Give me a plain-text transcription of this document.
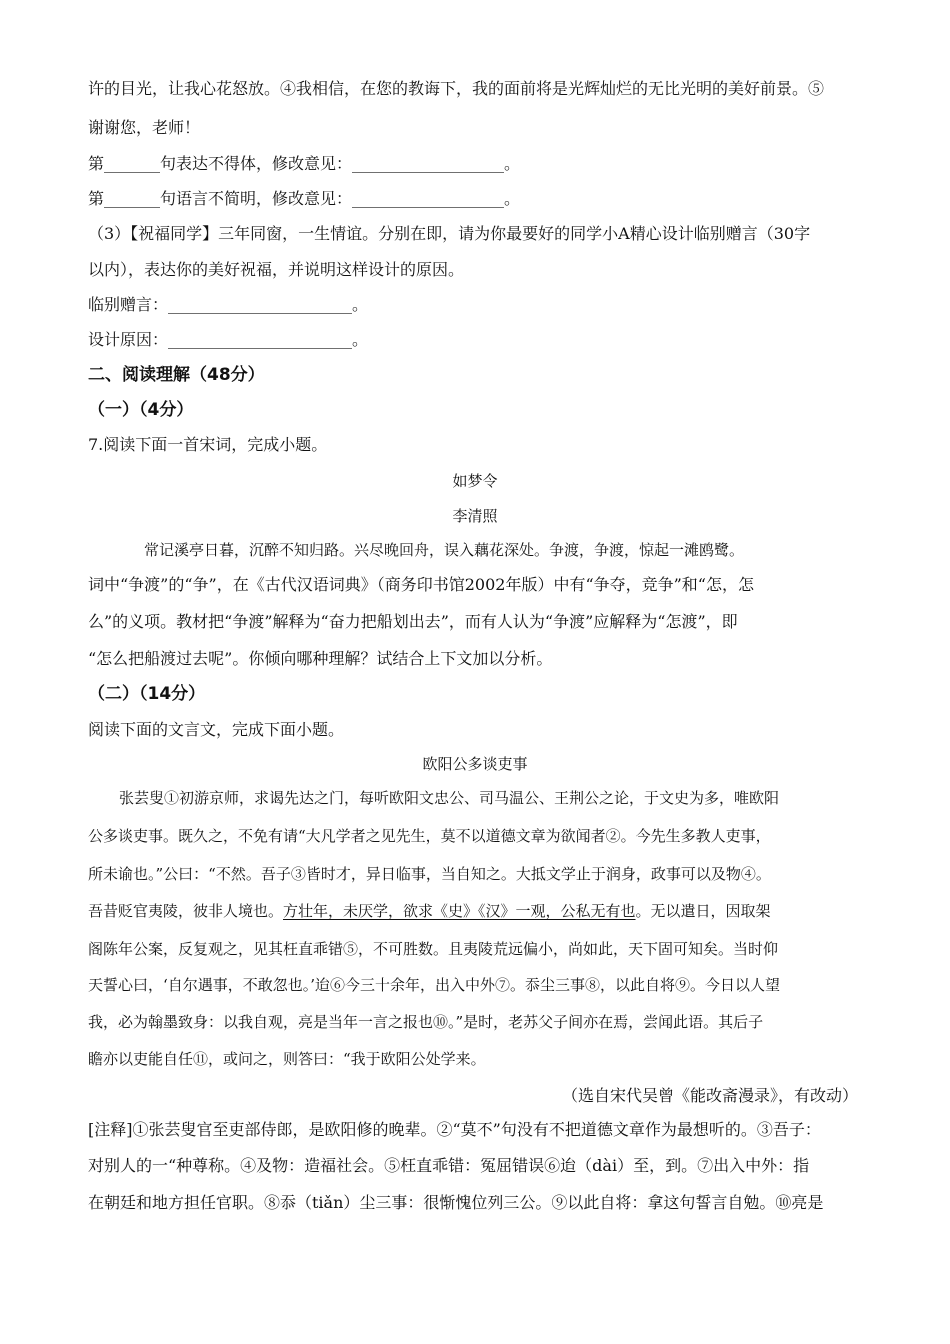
许的目光，让我心花怒放。④我相信，在您的教诲下，我的面前将是光辉灿烂的无比光明的美好前景。⑤
谢谢您，老师！
第_______句表达不得体，修改意见：___________________。
第_______句语言不简明，修改意见：___________________。
（3）【祝福同学】三年同窗，一生情谊。分别在即，请为你最要好的同学小A精心设计临别赠言（30字
以内），表达你的美好祝福，并说明这样设计的原因。
临别赠言：_______________________。
设计原因：_______________________。
二、阅读理解（48分）
（一）（4分）
7.阅读下面一首宋词，完成小题。
如梦令
李清照
常记溪亭日暮，沉醉不知归路。兴尽晚回舟，误入藕花深处。争渡，争渡，惊起一滩鸥鹭。
词中“争渡”的“争”，在《古代汉语词典》（商务印书馆2002年版）中有“争夺，竞争”和“怎，怎
么”的义项。教材把“争渡”解释为“奋力把船划出去”，而有人认为“争渡”应解释为“怎渡”，即
“怎么把船渡过去呢”。你倾向哪种理解？试结合上下文加以分析。
（二）（14分）
阅读下面的文言文，完成下面小题。
欧阳公多谈吏事
张芸叟①初游京师，求谒先达之门，每听欧阳文忠公、司马温公、王荆公之论，于文史为多，唯欧阳
公多谈吏事。既久之，不免有请“大凡学者之见先生，莫不以道德文章为欲闻者②。今先生多教人吏事，
所未谕也。”公曰：“不然。吾子③皆时才，异日临事，当自知之。大抵文学止于润身，政事可以及物④。
吾昔贬官夷陵，彼非人境也。方壮年，未厌学，欲求《史》《汉》一观，公私无有也。无以遣日，因取架
阁陈年公案，反复观之，见其枉直乖错⑤，不可胜数。且夷陵荒远偏小，尚如此，天下固可知矣。当时仰
天誓心曰，‘自尔遇事，不敢忽也。’迨⑥今三十余年，出入中外⑦。忝尘三事⑧，以此自将⑨。今日以人望
我，必为翰墨致身：以我自观，亮是当年一言之报也⑩。”是时，老苏父子间亦在焉，尝闻此语。其后子
瞻亦以吏能自任⑪，或问之，则答曰：“我于欧阳公处学来。
（选自宋代吴曾《能改斋漫录》，有改动）
[注释]①张芸叟官至吏部侍郎，是欧阳修的晚辈。②“莫不”句没有不把道德文章作为最想听的。③吾子：
对别人的一“种尊称。④及物：造福社会。⑤枉直乖错：冤屈错误⑥迨（dài）至，到。⑦出入中外：指
在朝廷和地方担任官职。⑧忝（tiǎn）尘三事：很惭愧位列三公。⑨以此自将：拿这句誓言自勉。⑩亮是
